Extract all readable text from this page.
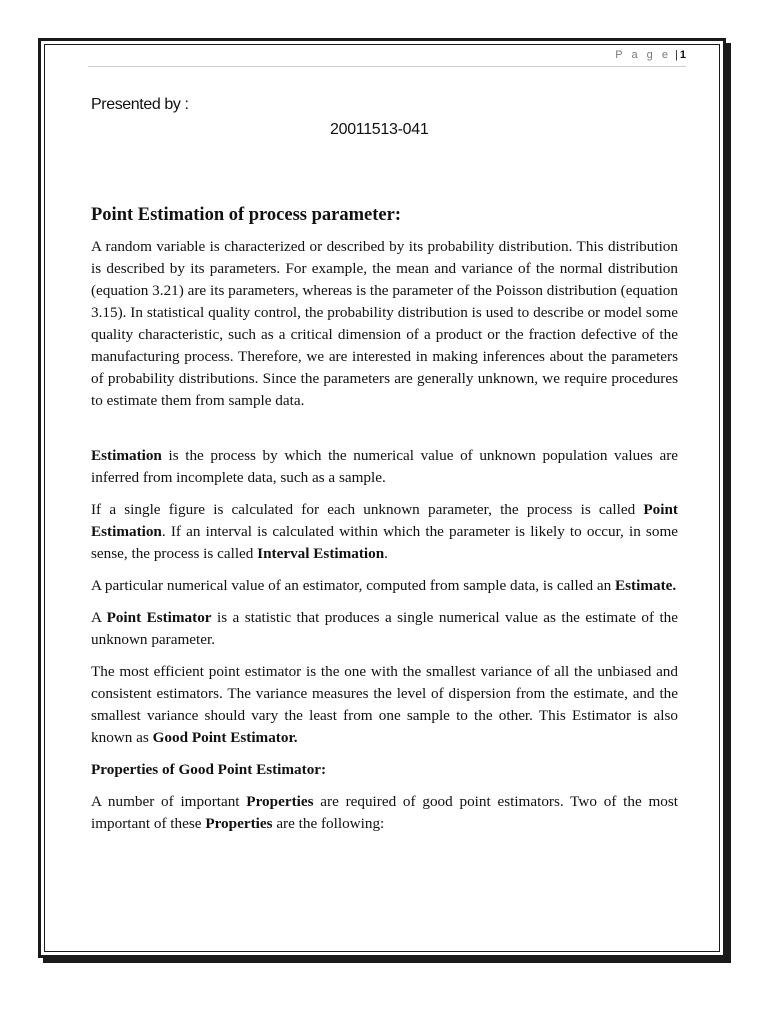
P a g e | 1
Presented by :
20011513-041
Point Estimation of process parameter:

A random variable is characterized or described by its probability distribution. This distribution is described by its parameters. For example, the mean and variance of the normal distribution (equation 3.21) are its parameters, whereas is the parameter of the Poisson distribution (equation 3.15). In statistical quality control, the probability distribution is used to describe or model some quality characteristic, such as a critical dimension of a product or the fraction defective of the manufacturing process. Therefore, we are interested in making inferences about the parameters of probability distributions. Since the parameters are generally unknown, we require procedures to estimate them from sample data.

Estimation is the process by which the numerical value of unknown population values are inferred from incomplete data, such as a sample.

If a single figure is calculated for each unknown parameter, the process is called Point Estimation. If an interval is calculated within which the parameter is likely to occur, in some sense, the process is called Interval Estimation.

A particular numerical value of an estimator, computed from sample data, is called an Estimate.

A Point Estimator is a statistic that produces a single numerical value as the estimate of the unknown parameter.

The most efficient point estimator is the one with the smallest variance of all the unbiased and consistent estimators. The variance measures the level of dispersion from the estimate, and the smallest variance should vary the least from one sample to the other. This Estimator is also known as Good Point Estimator.

Properties of Good Point Estimator:

A number of important Properties are required of good point estimators. Two of the most important of these Properties are the following:
